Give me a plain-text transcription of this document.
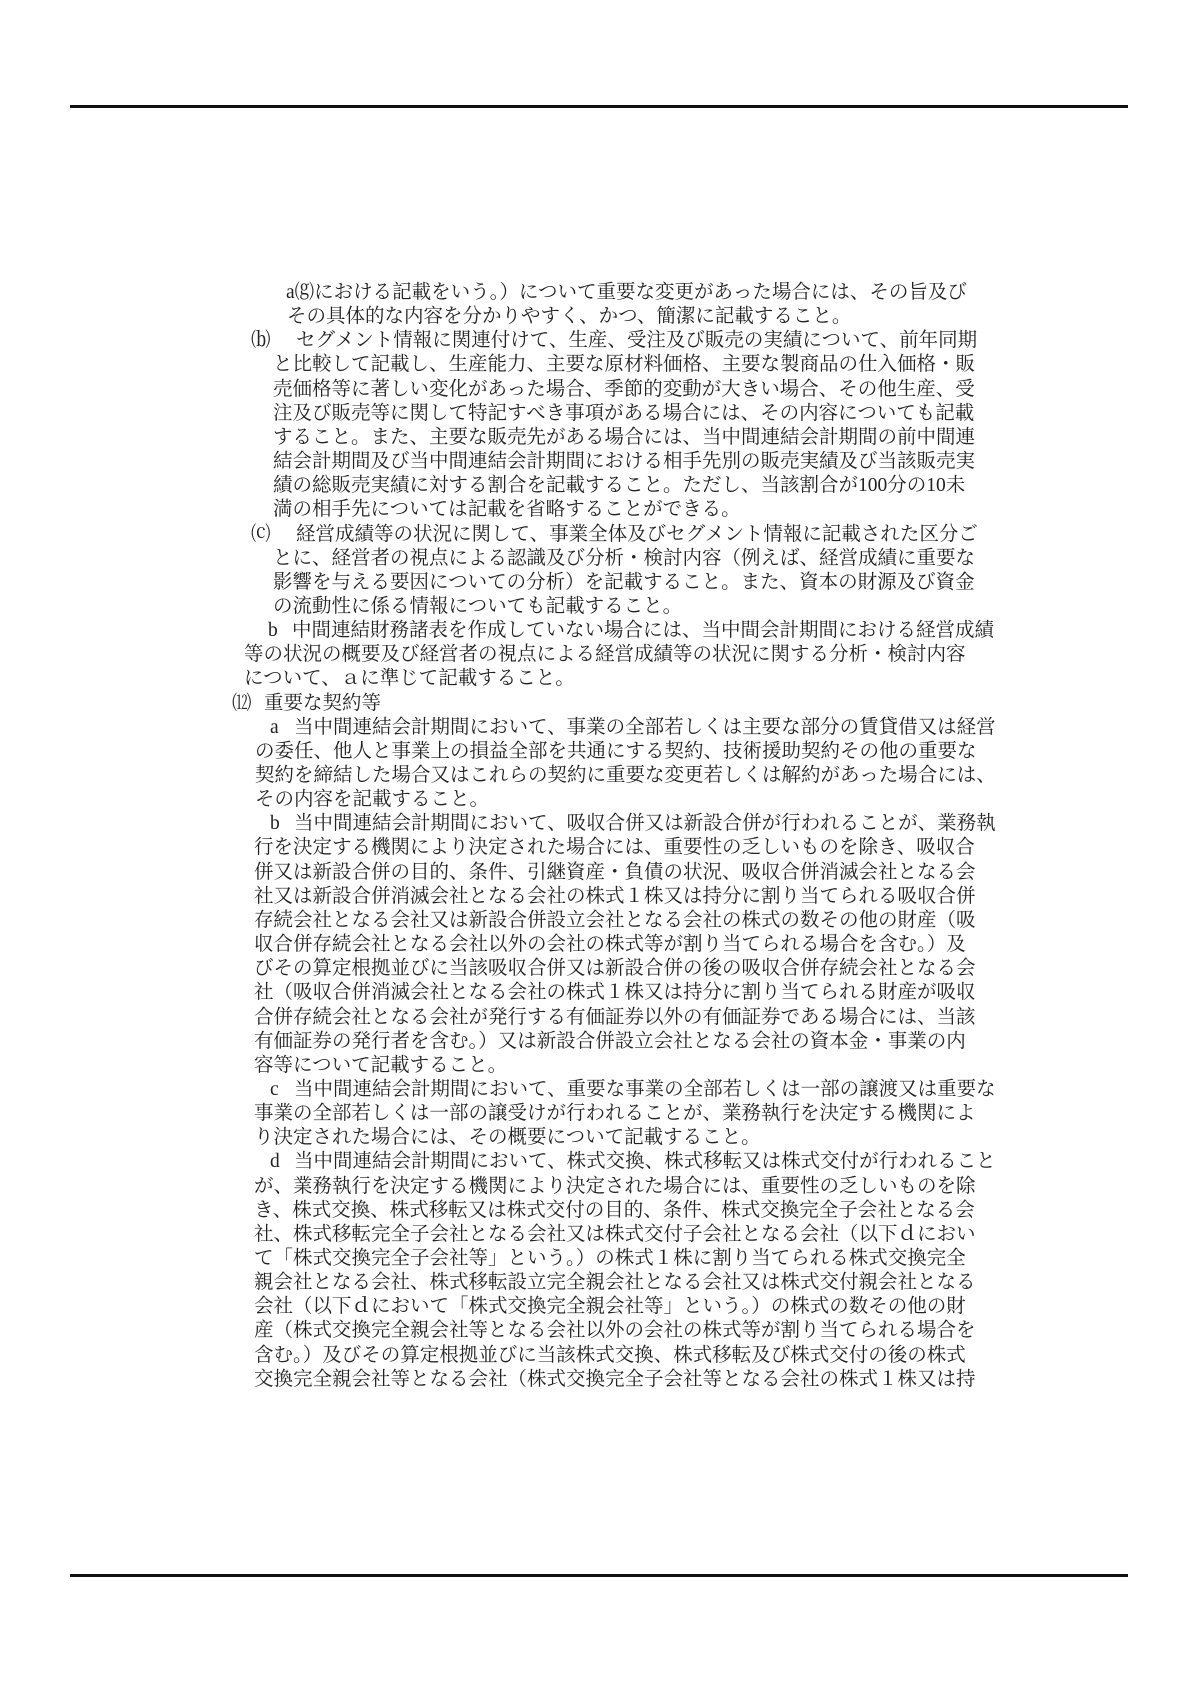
a⒢における記載をいう。）について重要な変更があった場合には、その旨及び
その具体的な内容を分かりやすく、かつ、簡潔に記載すること。
⒝ セグメント情報に関連付けて、生産、受注及び販売の実績について、前年同期
と比較して記載し、生産能力、主要な原材料価格、主要な製商品の仕入価格・販
売価格等に著しい変化があった場合、季節的変動が大きい場合、その他生産、受
注及び販売等に関して特記すべき事項がある場合には、その内容についても記載
すること。また、主要な販売先がある場合には、当中間連結会計期間の前中間連
結会計期間及び当中間連結会計期間における相手先別の販売実績及び当該販売実
績の総販売実績に対する割合を記載すること。ただし、当該割合が100分の10未
満の相手先については記載を省略することができる。
⒞ 経営成績等の状況に関して、事業全体及びセグメント情報に記載された区分ご
とに、経営者の視点による認識及び分析・検討内容（例えば、経営成績に重要な
影響を与える要因についての分析）を記載すること。また、資本の財源及び資金
の流動性に係る情報についても記載すること。
b 中間連結財務諸表を作成していない場合には、当中間会計期間における経営成績
等の状況の概要及び経営者の視点による経営成績等の状況に関する分析・検討内容
について、ａに準じて記載すること。
⑿ 重要な契約等
a 当中間連結会計期間において、事業の全部若しくは主要な部分の賃貸借又は経営
の委任、他人と事業上の損益全部を共通にする契約、技術援助契約その他の重要な
契約を締結した場合又はこれらの契約に重要な変更若しくは解約があった場合には、
その内容を記載すること。
b 当中間連結会計期間において、吸収合併又は新設合併が行われることが、業務執
行を決定する機関により決定された場合には、重要性の乏しいものを除き、吸収合
併又は新設合併の目的、条件、引継資産・負債の状況、吸収合併消滅会社となる会
社又は新設合併消滅会社となる会社の株式１株又は持分に割り当てられる吸収合併
存続会社となる会社又は新設合併設立会社となる会社の株式の数その他の財産（吸
収合併存続会社となる会社以外の会社の株式等が割り当てられる場合を含む。）及
びその算定根拠並びに当該吸収合併又は新設合併の後の吸収合併存続会社となる会
社（吸収合併消滅会社となる会社の株式１株又は持分に割り当てられる財産が吸収
合併存続会社となる会社が発行する有価証券以外の有価証券である場合には、当該
有価証券の発行者を含む。）又は新設合併設立会社となる会社の資本金・事業の内
容等について記載すること。
c 当中間連結会計期間において、重要な事業の全部若しくは一部の譲渡又は重要な
事業の全部若しくは一部の譲受けが行われることが、業務執行を決定する機関によ
り決定された場合には、その概要について記載すること。
d 当中間連結会計期間において、株式交換、株式移転又は株式交付が行われること
が、業務執行を決定する機関により決定された場合には、重要性の乏しいものを除
き、株式交換、株式移転又は株式交付の目的、条件、株式交換完全子会社となる会
社、株式移転完全子会社となる会社又は株式交付子会社となる会社（以下ｄにおい
て「株式交換完全子会社等」という。）の株式１株に割り当てられる株式交換完全
親会社となる会社、株式移転設立完全親会社となる会社又は株式交付親会社となる
会社（以下ｄにおいて「株式交換完全親会社等」という。）の株式の数その他の財
産（株式交換完全親会社等となる会社以外の会社の株式等が割り当てられる場合を
含む。）及びその算定根拠並びに当該株式交換、株式移転及び株式交付の後の株式
交換完全親会社等となる会社（株式交換完全子会社等となる会社の株式１株又は持
